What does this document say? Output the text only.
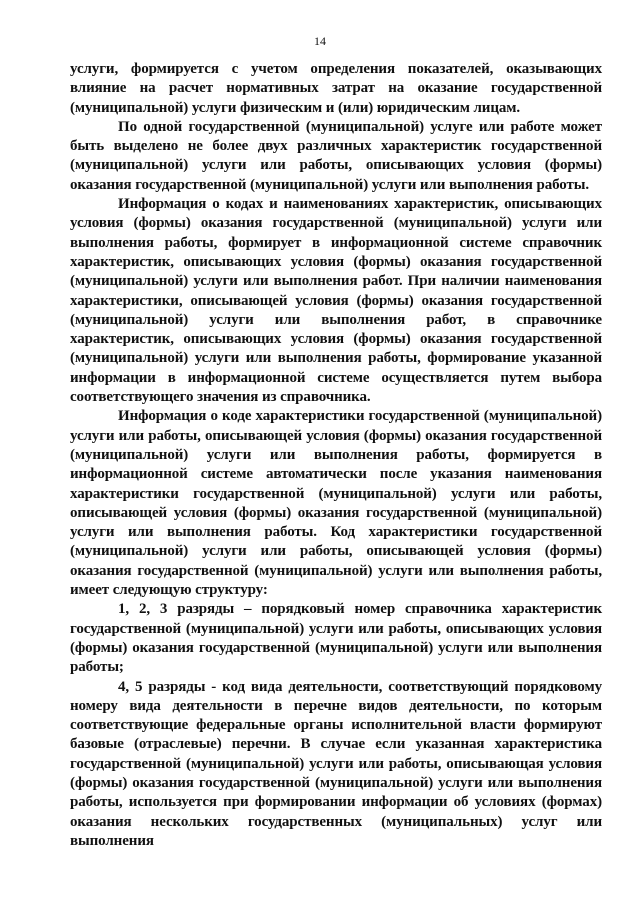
14

услуги, формируется с учетом определения показателей, оказывающих влияние на расчет нормативных затрат на оказание государственной (муниципальной) услуги физическим и (или) юридическим лицам.

По одной государственной (муниципальной) услуге или работе может быть выделено не более двух различных характеристик государственной (муниципальной) услуги или работы, описывающих условия (формы) оказания государственной (муниципальной) услуги или выполнения работы.

Информация о кодах и наименованиях характеристик, описывающих условия (формы) оказания государственной (муниципальной) услуги или выполнения работы, формирует в информационной системе справочник характеристик, описывающих условия (формы) оказания государственной (муниципальной) услуги или выполнения работ. При наличии наименования характеристики, описывающей условия (формы) оказания государственной (муниципальной) услуги или выполнения работ, в справочнике характеристик, описывающих условия (формы) оказания государственной (муниципальной) услуги или выполнения работы, формирование указанной информации в информационной системе осуществляется путем выбора соответствующего значения из справочника.

Информация о коде характеристики государственной (муниципальной) услуги или работы, описывающей условия (формы) оказания государственной (муниципальной) услуги или выполнения работы, формируется в информационной системе автоматически после указания наименования характеристики государственной (муниципальной) услуги или работы, описывающей условия (формы) оказания государственной (муниципальной) услуги или выполнения работы. Код характеристики государственной (муниципальной) услуги или работы, описывающей условия (формы) оказания государственной (муниципальной) услуги или выполнения работы, имеет следующую структуру:

1, 2, 3 разряды – порядковый номер справочника характеристик государственной (муниципальной) услуги или работы, описывающих условия (формы) оказания государственной (муниципальной) услуги или выполнения работы;

4, 5 разряды - код вида деятельности, соответствующий порядковому номеру вида деятельности в перечне видов деятельности, по которым соответствующие федеральные органы исполнительной власти формируют базовые (отраслевые) перечни. В случае если указанная характеристика государственной (муниципальной) услуги или работы, описывающая условия (формы) оказания государственной (муниципальной) услуги или выполнения работы, используется при формировании информации об условиях (формах) оказания нескольких государственных (муниципальных) услуг или выполнения
